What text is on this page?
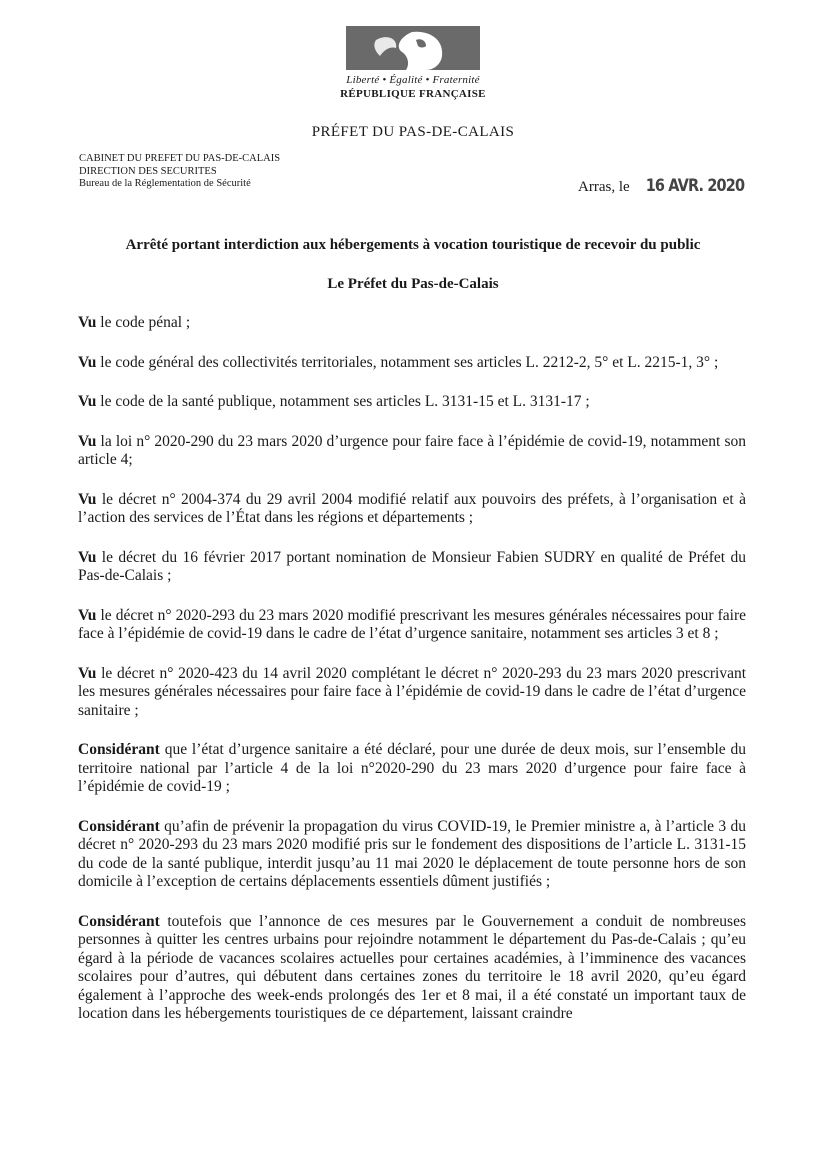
Liberté • Égalité • Fraternité
RÉPUBLIQUE FRANÇAISE
PRÉFET DU PAS-DE-CALAIS
CABINET DU PREFET DU PAS-DE-CALAIS
DIRECTION DES SECURITES
Bureau de la Réglementation de Sécurité	Arras, le 16 AVR. 2020
Arrêté portant interdiction aux hébergements à vocation touristique de recevoir du public
Le Préfet du Pas-de-Calais

Vu le code pénal ;

Vu le code général des collectivités territoriales, notamment ses articles L. 2212-2, 5° et L. 2215-1, 3° ;

Vu le code de la santé publique, notamment ses articles L. 3131-15 et L. 3131-17 ;

Vu la loi n° 2020-290 du 23 mars 2020 d’urgence pour faire face à l’épidémie de covid-19, notamment son article 4;

Vu le décret n° 2004-374 du 29 avril 2004 modifié relatif aux pouvoirs des préfets, à l’organisation et à l’action des services de l’État dans les régions et départements ;

Vu le décret du 16 février 2017 portant nomination de Monsieur Fabien SUDRY en qualité de Préfet du Pas-de-Calais ;

Vu le décret n° 2020-293 du 23 mars 2020 modifié prescrivant les mesures générales nécessaires pour faire face à l’épidémie de covid-19 dans le cadre de l’état d’urgence sanitaire, notamment ses articles 3 et 8 ;

Vu le décret n° 2020-423 du 14 avril 2020 complétant le décret n° 2020-293 du 23 mars 2020 prescrivant les mesures générales nécessaires pour faire face à l’épidémie de covid-19 dans le cadre de l’état d’urgence sanitaire ;

Considérant que l’état d’urgence sanitaire a été déclaré, pour une durée de deux mois, sur l’ensemble du territoire national par l’article 4 de la loi n°2020-290 du 23 mars 2020 d’urgence pour faire face à l’épidémie de covid-19 ;

Considérant qu’afin de prévenir la propagation du virus COVID-19, le Premier ministre a, à l’article 3 du décret n° 2020-293 du 23 mars 2020 modifié pris sur le fondement des dispositions de l’article L. 3131-15 du code de la santé publique, interdit jusqu’au 11 mai 2020 le déplacement de toute personne hors de son domicile à l’exception de certains déplacements essentiels dûment justifiés ;

Considérant toutefois que l’annonce de ces mesures par le Gouvernement a conduit de nombreuses personnes à quitter les centres urbains pour rejoindre notamment le département du Pas-de-Calais ; qu’eu égard à la période de vacances scolaires actuelles pour certaines académies, à l’imminence des vacances scolaires pour d’autres, qui débutent dans certaines zones du territoire le 18 avril 2020, qu’eu égard également à l’approche des week-ends prolongés des 1er et 8 mai, il a été constaté un important taux de location dans les hébergements touristiques de ce département, laissant craindre
